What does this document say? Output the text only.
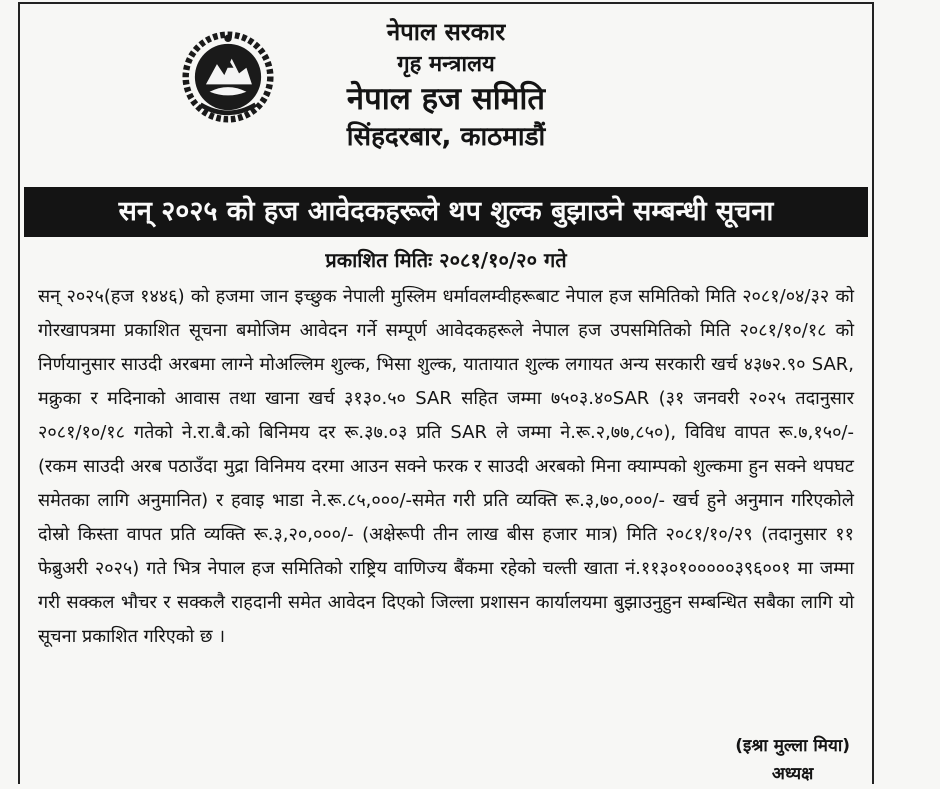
नेपाल सरकार
गृह मन्त्रालय
नेपाल हज समिति
सिंहदरबार, काठमाडौं
सन् २०२५ को हज आवेदकहरूले थप शुल्क बुझाउने सम्बन्धी सूचना
प्रकाशित मितिः २०८१/१०/२० गते

सन् २०२५(हज १४४६) को हजमा जान इच्छुक नेपाली मुस्लिम धर्मावलम्वीहरूबाट नेपाल हज समितिको मिति २०८१/०४/३२ को गोरखापत्रमा प्रकाशित सूचना बमोजिम आवेदन गर्ने सम्पूर्ण आवेदकहरूले नेपाल हज उपसमितिको मिति २०८१/१०/१८ को निर्णयानुसार साउदी अरबमा लाग्ने मोअल्लिम शुल्क, भिसा शुल्क, यातायात शुल्क लगायत अन्य सरकारी खर्च ४३७२.९० SAR, मक्रुका र मदिनाको आवास तथा खाना खर्च ३१३०.५० SAR सहित जम्मा ७५०३.४०SAR (३१ जनवरी २०२५ तदानुसार २०८१/१०/१८ गतेको ने.रा.बै.को बिनिमय दर रू.३७.०३ प्रति SAR ले जम्मा ने.रू.२,७७,८५०), विविध वापत रू.७,१५०/- (रकम साउदी अरब पठाउँदा मुद्रा विनिमय दरमा आउन सक्ने फरक र साउदी अरबको मिना क्याम्पको शुल्कमा हुन सक्ने थपघट समेतका लागि अनुमानित) र हवाइ भाडा ने.रू.८५,०००/-समेत गरी प्रति व्यक्ति रू.३,७०,०००/- खर्च हुने अनुमान गरिएकोले दोस्रो किस्ता वापत प्रति व्यक्ति रू.३,२०,०००/- (अक्षेरूपी तीन लाख बीस हजार मात्र) मिति २०८१/१०/२९ (तदानुसार ११ फेब्रुअरी २०२५) गते भित्र नेपाल हज समितिको राष्ट्रिय वाणिज्य बैंकमा रहेको चल्ती खाता नं.११३०१०००००३९६००१ मा जम्मा गरी सक्कल भौचर र सक्कलै राहदानी समेत आवेदन दिएको जिल्ला प्रशासन कार्यालयमा बुझाउनुहुन सम्बन्धित सबैका लागि यो सूचना प्रकाशित गरिएको छ ।

(इश्रा मुल्ला मिया)
अध्यक्ष
